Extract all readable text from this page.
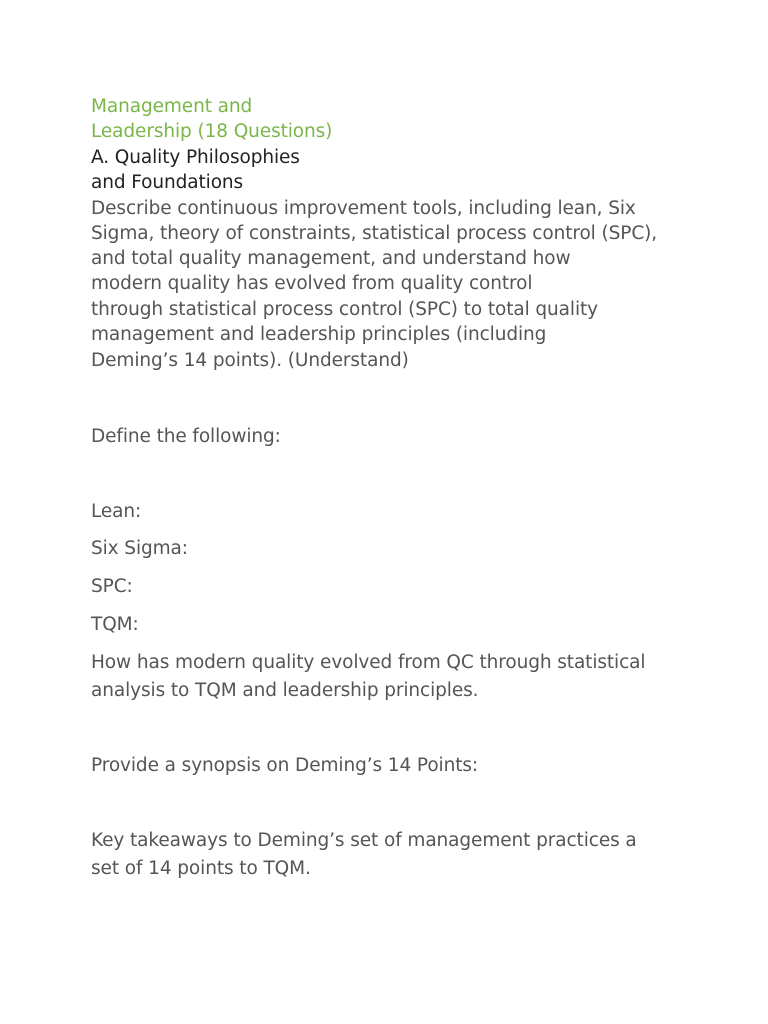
Management and
Leadership (18 Questions)
A. Quality Philosophies
and Foundations
Describe continuous improvement tools, including lean, Six
Sigma, theory of constraints, statistical process control (SPC),
and total quality management, and understand how
modern quality has evolved from quality control
through statistical process control (SPC) to total quality
management and leadership principles (including
Deming’s 14 points). (Understand)
Define the following:
Lean:
Six Sigma:
SPC:
TQM:
How has modern quality evolved from QC through statistical
analysis to TQM and leadership principles.
Provide a synopsis on Deming’s 14 Points:
Key takeaways to Deming’s set of management practices a
set of 14 points to TQM.
